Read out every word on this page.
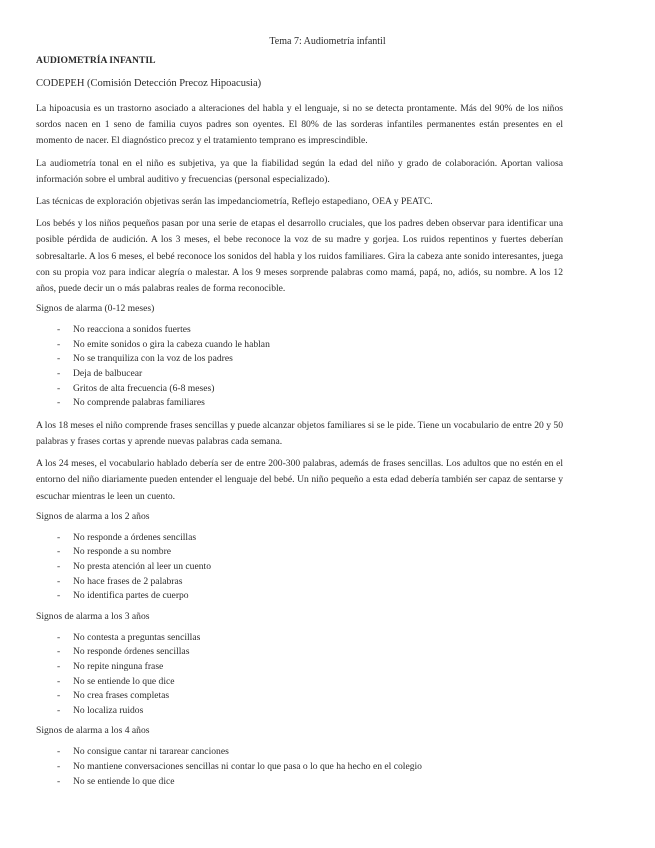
Tema 7: Audiometría infantil
AUDIOMETRÍA INFANTIL
CODEPEH (Comisión Detección Precoz Hipoacusia)

La hipoacusia es un trastorno asociado a alteraciones del habla y el lenguaje, si no se detecta prontamente. Más del 90% de los niños sordos nacen en 1 seno de familia cuyos padres son oyentes. El 80% de las sorderas infantiles permanentes están presentes en el momento de nacer. El diagnóstico precoz y el tratamiento temprano es imprescindible.

La audiometría tonal en el niño es subjetiva, ya que la fiabilidad según la edad del niño y grado de colaboración. Aportan valiosa información sobre el umbral auditivo y frecuencias (personal especializado).

Las técnicas de exploración objetivas serán las impedanciometría, Reflejo estapediano, OEA y PEATC.

Los bebés y los niños pequeños pasan por una serie de etapas el desarrollo cruciales, que los padres deben observar para identificar una posible pérdida de audición. A los 3 meses, el bebe reconoce la voz de su madre y gorjea. Los ruidos repentinos y fuertes deberían sobresaltarle. A los 6 meses, el bebé reconoce los sonidos del habla y los ruidos familiares. Gira la cabeza ante sonido interesantes, juega con su propia voz para indicar alegría o malestar. A los 9 meses sorprende palabras como mamá, papá, no, adiós, su nombre. A los 12 años, puede decir un o más palabras reales de forma reconocible.

Signos de alarma (0-12 meses)
- No reacciona a sonidos fuertes
- No emite sonidos o gira la cabeza cuando le hablan
- No se tranquiliza con la voz de los padres
- Deja de balbucear
- Gritos de alta frecuencia (6-8 meses)
- No comprende palabras familiares

A los 18 meses el niño comprende frases sencillas y puede alcanzar objetos familiares si se le pide. Tiene un vocabulario de entre 20 y 50 palabras y frases cortas y aprende nuevas palabras cada semana.

A los 24 meses, el vocabulario hablado debería ser de entre 200-300 palabras, además de frases sencillas. Los adultos que no estén en el entorno del niño diariamente pueden entender el lenguaje del bebé. Un niño pequeño a esta edad debería también ser capaz de sentarse y escuchar mientras le leen un cuento.

Signos de alarma a los 2 años
- No responde a órdenes sencillas
- No responde a su nombre
- No presta atención al leer un cuento
- No hace frases de 2 palabras
- No identifica partes de cuerpo
Signos de alarma a los 3 años
- No contesta a preguntas sencillas
- No responde órdenes sencillas
- No repite ninguna frase
- No se entiende lo que dice
- No crea frases completas
- No localiza ruidos
Signos de alarma a los 4 años
- No consigue cantar ni tararear canciones
- No mantiene conversaciones sencillas ni contar lo que pasa o lo que ha hecho en el colegio
- No se entiende lo que dice
